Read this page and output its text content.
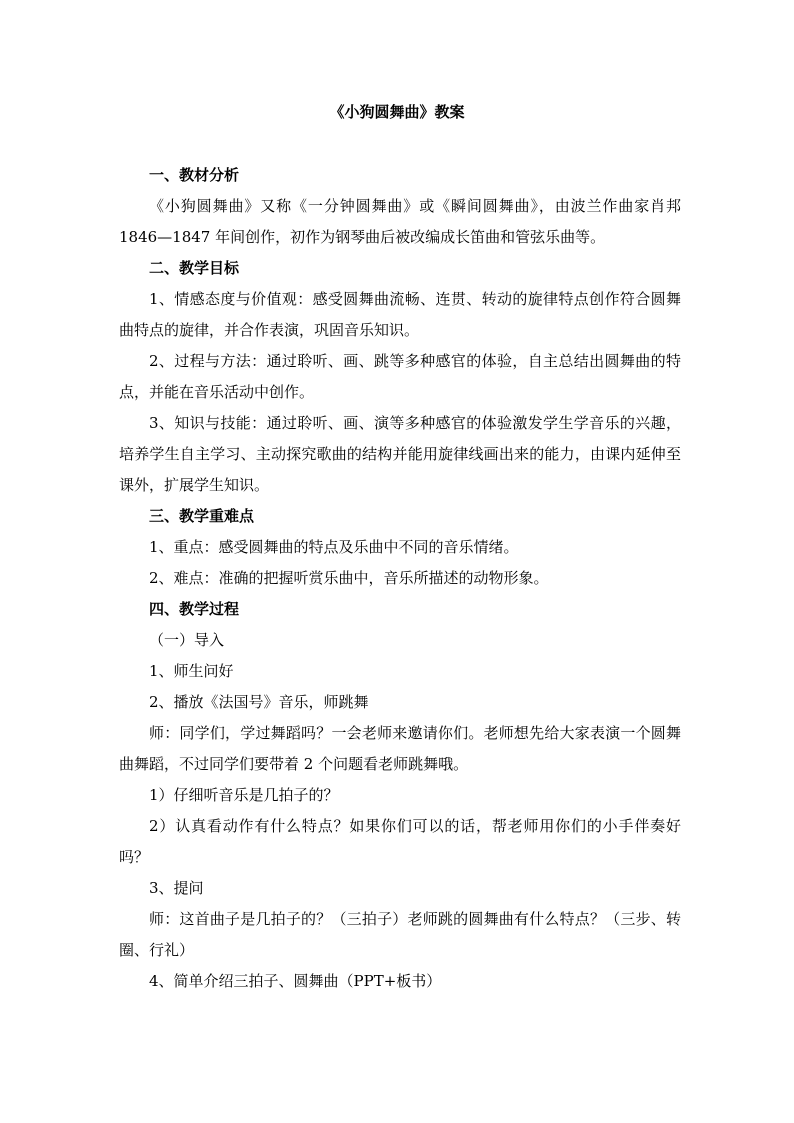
《小狗圆舞曲》教案

一、教材分析

《小狗圆舞曲》又称《一分钟圆舞曲》或《瞬间圆舞曲》，由波兰作曲家肖邦 1846—1847 年间创作，初作为钢琴曲后被改编成长笛曲和管弦乐曲等。

二、教学目标

1、情感态度与价值观：感受圆舞曲流畅、连贯、转动的旋律特点创作符合圆舞曲特点的旋律，并合作表演，巩固音乐知识。

2、过程与方法：通过聆听、画、跳等多种感官的体验，自主总结出圆舞曲的特点，并能在音乐活动中创作。

3、知识与技能：通过聆听、画、演等多种感官的体验激发学生学音乐的兴趣，培养学生自主学习、主动探究歌曲的结构并能用旋律线画出来的能力，由课内延伸至课外，扩展学生知识。

三、教学重难点

1、重点：感受圆舞曲的特点及乐曲中不同的音乐情绪。

2、难点：准确的把握听赏乐曲中，音乐所描述的动物形象。

四、教学过程

（一）导入

1、师生问好

2、播放《法国号》音乐，师跳舞

师：同学们，学过舞蹈吗？一会老师来邀请你们。老师想先给大家表演一个圆舞曲舞蹈，不过同学们要带着 2 个问题看老师跳舞哦。

1）仔细听音乐是几拍子的？

2）认真看动作有什么特点？如果你们可以的话，帮老师用你们的小手伴奏好吗？

3、提问

师：这首曲子是几拍子的？（三拍子）老师跳的圆舞曲有什么特点？（三步、转圈、行礼）

4、简单介绍三拍子、圆舞曲（PPT+板书）
